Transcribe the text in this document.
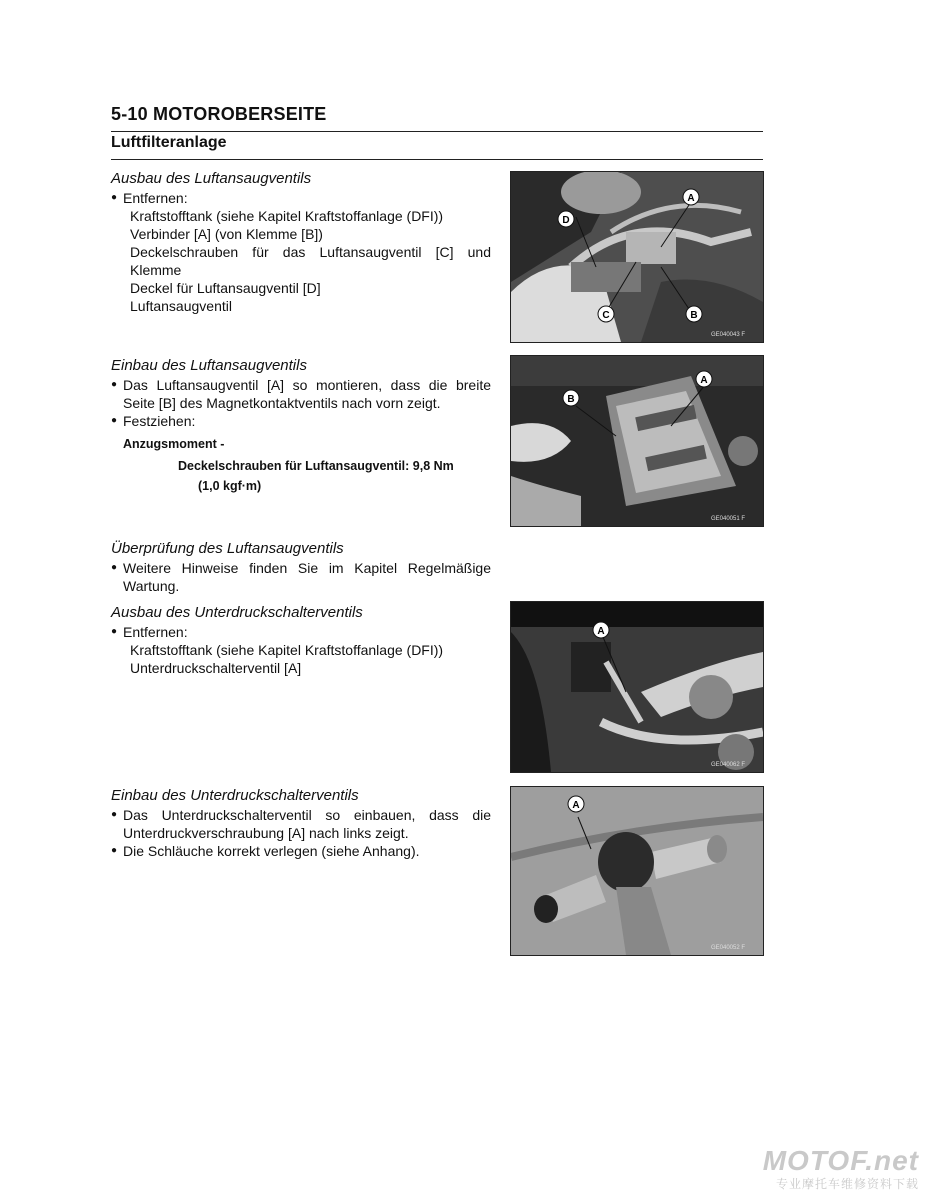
5-10 MOTOROBERSEITE
Luftfilteranlage
Ausbau des Luftansaugventils
● Entfernen:
Kraftstofftank (siehe Kapitel Kraftstoffanlage (DFI))
Verbinder [A] (von Klemme [B])
Deckelschrauben für das Luftansaugventil [C] und Klemme
Deckel für Luftansaugventil [D]
Luftansaugventil
Einbau des Luftansaugventils
● Das Luftansaugventil [A] so montieren, dass die breite Seite [B] des Magnetkontaktventils nach vorn zeigt.
● Festziehen:
Anzugsmoment -
Deckelschrauben für Luftansaugventil: 9,8 Nm
(1,0 kgf·m)
Überprüfung des Luftansaugventils
● Weitere Hinweise finden Sie im Kapitel Regelmäßige Wartung.
Ausbau des Unterdruckschalterventils
● Entfernen:
Kraftstofftank (siehe Kapitel Kraftstoffanlage (DFI))
Unterdruckschalterventil [A]
Einbau des Unterdruckschalterventils
● Das Unterdruckschalterventil so einbauen, dass die Unterdruckverschraubung [A] nach links zeigt.
● Die Schläuche korrekt verlegen (siehe Anhang).
A
B
C
D
GE040043 F
A
B
GE040051 F
A
GE040062 F
A
GE040052 F
MOTOF.net
专业摩托车维修资料下载
